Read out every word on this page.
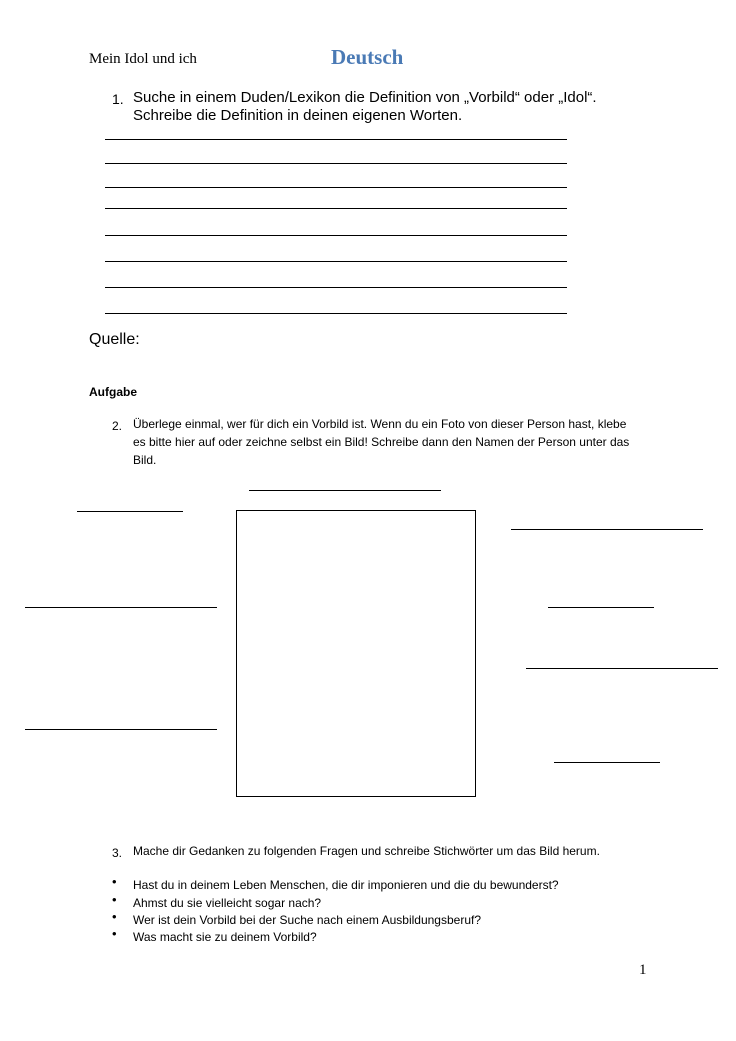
Mein Idol und ich	Deutsch
1. Suche in einem Duden/Lexikon die Definition von „Vorbild“ oder „Idol“.
Schreibe die Definition in deinen eigenen Worten.
Quelle:
Aufgabe
2. Überlege einmal, wer für dich ein Vorbild ist. Wenn du ein Foto von dieser Person hast, klebe
es bitte hier auf oder zeichne selbst ein Bild! Schreibe dann den Namen der Person unter das
Bild.
3. Mache dir Gedanken zu folgenden Fragen und schreibe Stichwörter um das Bild herum.
• Hast du in deinem Leben Menschen, die dir imponieren und die du bewunderst?
• Ahmst du sie vielleicht sogar nach?
• Wer ist dein Vorbild bei der Suche nach einem Ausbildungsberuf?
• Was macht sie zu deinem Vorbild?
1
